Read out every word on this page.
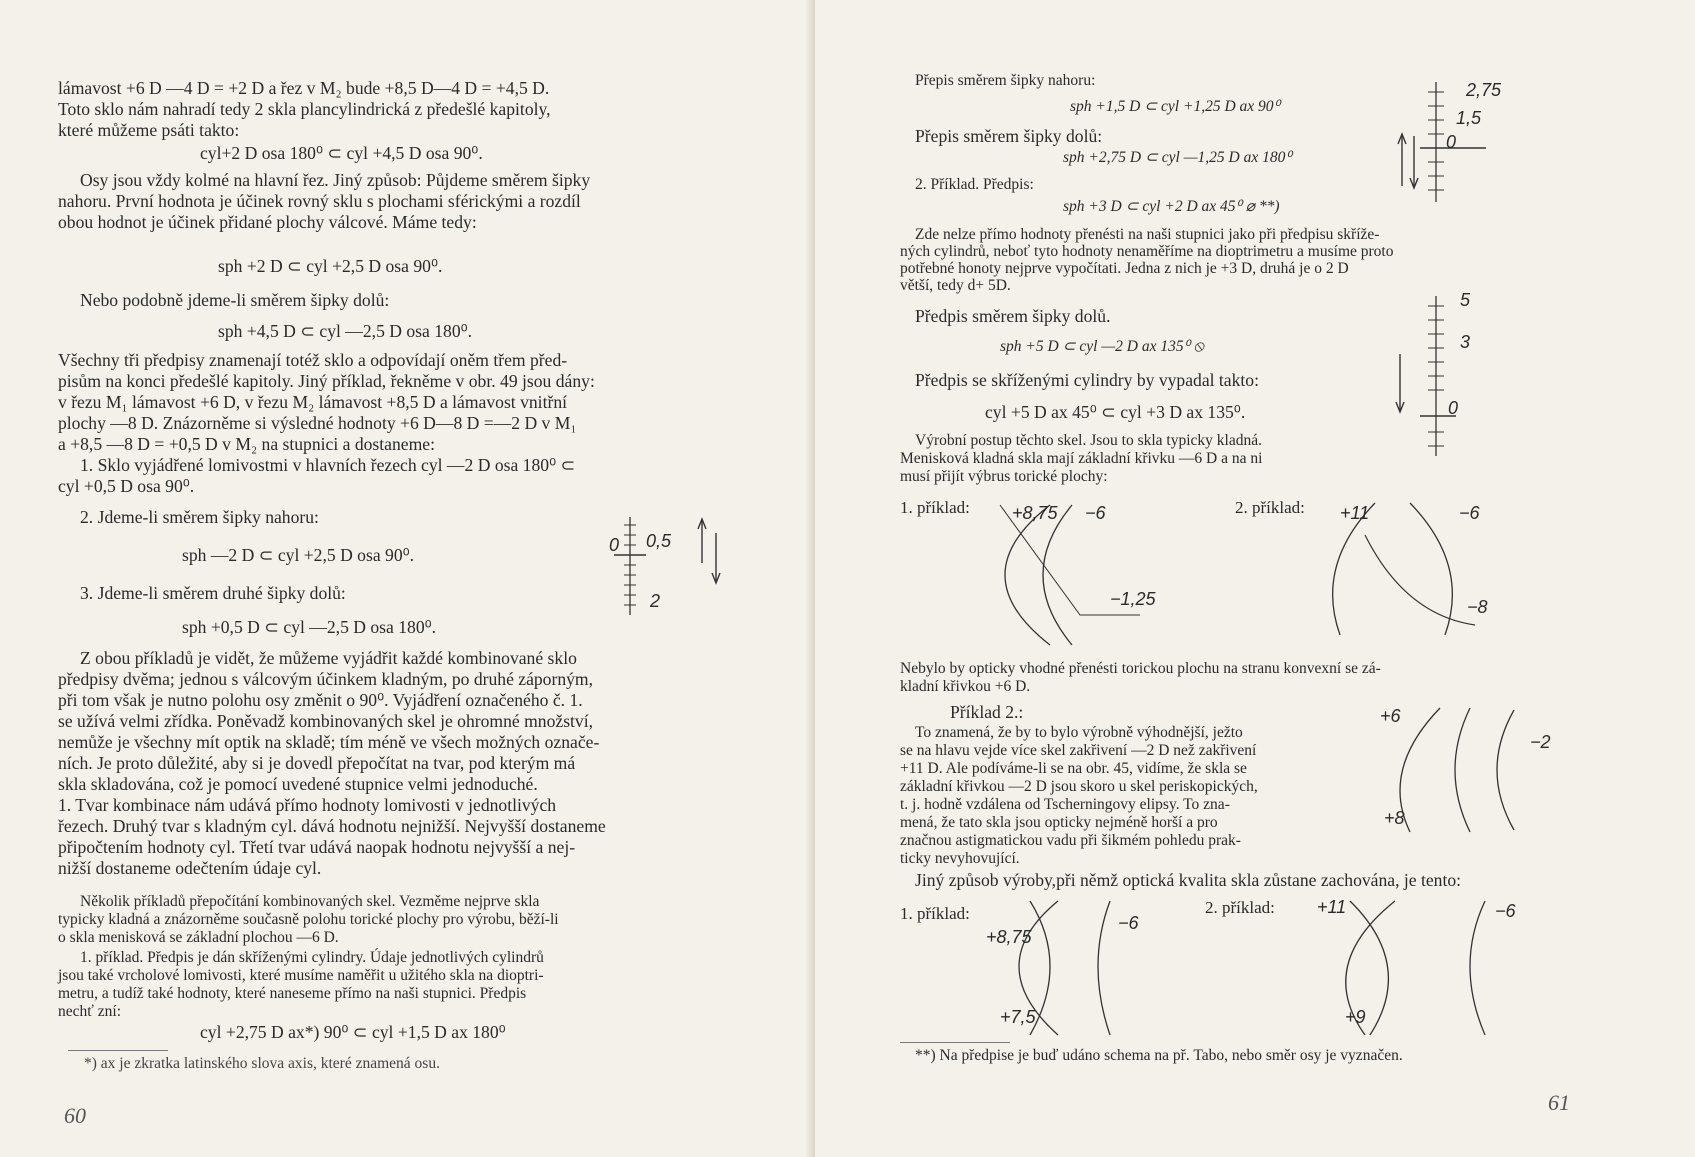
lámavost +6 D —4 D = +2 D a řez v M₂ bude +8,5 D—4 D = +4,5 D.

Toto sklo nám nahradí tedy 2 skla plancylindrická z předešlé kapitoly,

které můžeme psáti takto:

cyl+2 D osa 180⁰ ⊂ cyl +4,5 D osa 90⁰.

Osy jsou vždy kolmé na hlavní řez. Jiný způsob: Půjdeme směrem šipky

nahoru. První hodnota je účinek rovný sklu s plochami sférickými a rozdíl

obou hodnot je účinek přidané plochy válcové. Máme tedy:

sph +2 D ⊂ cyl +2,5 D osa 90⁰.

Nebo podobně jdeme-li směrem šipky dolů:

sph +4,5 D ⊂ cyl —2,5 D osa 180⁰.

Všechny tři předpisy znamenají totéž sklo a odpovídají oněm třem před-

pisům na konci předešlé kapitoly. Jiný příklad, řekněme v obr. 49 jsou dány:

v řezu M₁ lámavost +6 D, v řezu M₂ lámavost +8,5 D a lámavost vnitřní

plochy —8 D. Znázorněme si výsledné hodnoty +6 D—8 D =—2 D v M₁

a +8,5 —8 D = +0,5 D v M₂ na stupnici a dostaneme:

1. Sklo vyjádřené lomivostmi v hlavních řezech cyl —2 D osa 180⁰ ⊂

cyl +0,5 D osa 90⁰.

2. Jdeme-li směrem šipky nahoru:

sph —2 D ⊂ cyl +2,5 D osa 90⁰.

3. Jdeme-li směrem druhé šipky dolů:

sph +0,5 D ⊂ cyl —2,5 D osa 180⁰.

Z obou příkladů je vidět, že můžeme vyjádřit každé kombinované sklo

předpisy dvěma; jednou s válcovým účinkem kladným, po druhé záporným,

při tom však je nutno polohu osy změnit o 90⁰. Vyjádření označeného č. 1.

se užívá velmi zřídka. Poněvadž kombinovaných skel je ohromné množství,

nemůže je všechny mít optik na skladě; tím méně ve všech možných označe-

ních. Je proto důležité, aby si je dovedl přepočítat na tvar, pod kterým má

skla skladována, což je pomocí uvedené stupnice velmi jednoduché.

1. Tvar kombinace nám udává přímo hodnoty lomivosti v jednotlivých

řezech. Druhý tvar s kladným cyl. dává hodnotu nejnižší. Nejvyšší dostaneme

připočtením hodnoty cyl. Třetí tvar udává naopak hodnotu nejvyšší a nej-

nižší dostaneme odečtením údaje cyl.

Několik příkladů přepočítání kombinovaných skel. Vezměme nejprve skla

typicky kladná a znázorněme současně polohu torické plochy pro výrobu, běží-li

o skla menisková se základní plochou —6 D.

1. příklad. Předpis je dán skříženými cylindry. Údaje jednotlivých cylindrů

jsou také vrcholové lomivosti, které musíme naměřit u užitého skla na dioptri-

metru, a tudíž také hodnoty, které naneseme přímo na naši stupnici. Předpis

nechť zní:

cyl +2,75 D ax*) 90⁰ ⊂ cyl +1,5 D ax 180⁰

*) ax je zkratka latinského slova axis, které znamená osu.

60
0 0,5
2

Přepis směrem šipky nahoru:

sph +1,5 D ⊂ cyl +1,25 D ax 90⁰

Přepis směrem šipky dolů:

sph +2,75 D ⊂ cyl —1,25 D ax 180⁰

2. Příklad. Předpis:

sph +3 D ⊂ cyl +2 D ax 45⁰ ⌀ **)

Zde nelze přímo hodnoty přenésti na naši stupnici jako při předpisu skříže-

ných cylindrů, neboť tyto hodnoty nenaměříme na dioptrimetru a musíme proto

potřebné honoty nejprve vypočítati. Jedna z nich je +3 D, druhá je o 2 D

větší, tedy d+ 5D.

Předpis směrem šipky dolů.

sph +5 D ⊂ cyl —2 D ax 135⁰ ⦸

Předpis se skříženými cylindry by vypadal takto:

cyl +5 D ax 45⁰ ⊂ cyl +3 D ax 135⁰.

Výrobní postup těchto skel. Jsou to skla typicky kladná.

Menisková kladná skla mají základní křivku —6 D a na ni

musí přijít výbrus torické plochy:

2,75
1,5
0
5
3
0
1. příklad: +8,75 −6
−1,25
2. příklad: +11	−6
−8

Nebylo by opticky vhodné přenésti torickou plochu na stranu konvexní se zá-

kladní křivkou +6 D.

Příklad 2.:

To znamená, že by to bylo výrobně výhodnější, ježto

se na hlavu vejde více skel zakřivení —2 D než zakřivení

+11 D. Ale podíváme-li se na obr. 45, vidíme, že skla se

základní křivkou —2 D jsou skoro u skel periskopických,

t. j. hodně vzdálena od Tscherningovy elipsy. To zna-

mená, že tato skla jsou opticky nejméně horší a pro

značnou astigmatickou vadu při šikmém pohledu prak-

ticky nevyhovující.

Jiný způsob výroby,při němž optická kvalita skla zůstane zachována, je tento:

+6
−2
+8
1. příklad:
+8,75
−6
+7,5
2. příklad: +11	−6
+9

**) Na předpise je buď udáno schema na př. Tabo, nebo směr osy je vyznačen.

61
